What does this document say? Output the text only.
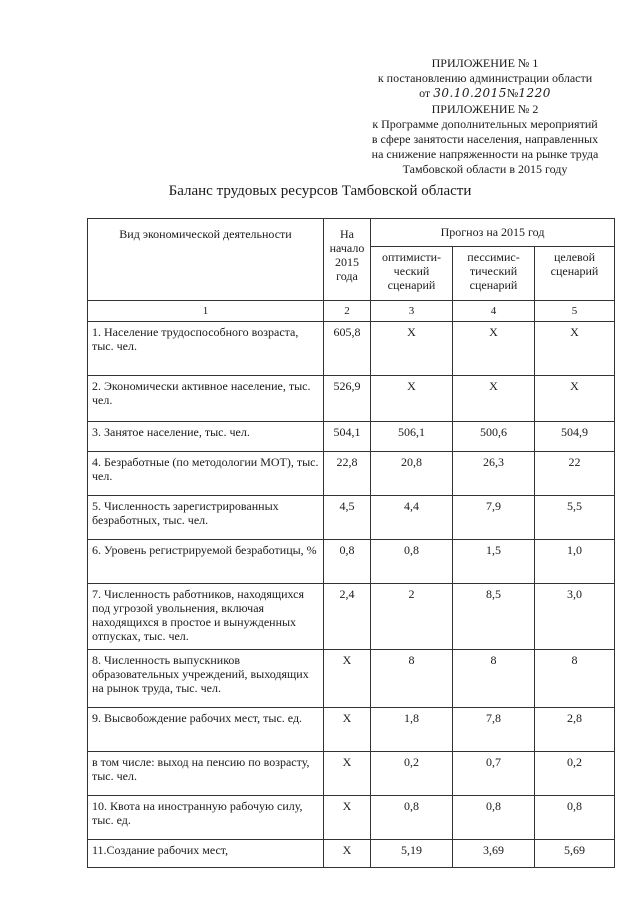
ПРИЛОЖЕНИЕ № 1
к постановлению администрации области
от 30.10.2015№1220
ПРИЛОЖЕНИЕ № 2
к Программе дополнительных мероприятий
в сфере занятости населения, направленных
на снижение напряженности на рынке труда
Тамбовской области в 2015 году
Баланс трудовых ресурсов Тамбовской области
Вид экономической деятельности	На начало 2015 года	Прогноз на 2015 год		
		оптимисти-ческий сценарий	пессимис-тический сценарий	целевой сценарий
1	2	3	4	5
1. Население трудоспособного возраста, тыс. чел.	605,8	X	X	X
2. Экономически активное население, тыс. чел.	526,9	X	X	X
3. Занятое население, тыс. чел.	504,1	506,1	500,6	504,9
4. Безработные (по методологии МОТ), тыс. чел.	22,8	20,8	26,3	22
5. Численность зарегистрированных безработных, тыс. чел.	4,5	4,4	7,9	5,5
6. Уровень регистрируемой безработицы, %	0,8	0,8	1,5	1,0
7. Численность работников, находящихся под угрозой увольнения, включая находящихся в простое и вынужденных отпусках, тыс. чел.	2,4	2	8,5	3,0
8. Численность выпускников образовательных учреждений, выходящих на рынок труда, тыс. чел.	X	8	8	8
9. Высвобождение рабочих мест, тыс. ед.	X	1,8	7,8	2,8
в том числе: выход на пенсию по возрасту, тыс. чел.	X	0,2	0,7	0,2
10. Квота на иностранную рабочую силу, тыс. ед.	X	0,8	0,8	0,8
11.Создание рабочих мест,	X	5,19	3,69	5,69
